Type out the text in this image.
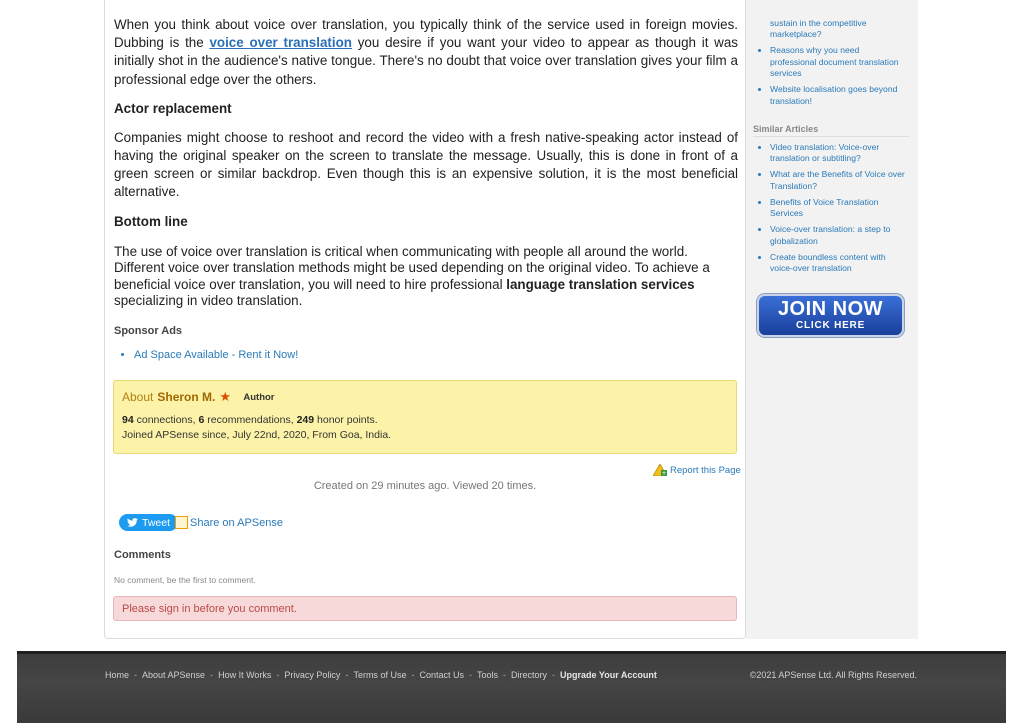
When you think about voice over translation, you typically think of the service used in foreign movies. Dubbing is the voice over translation you desire if you want your video to appear as though it was initially shot in the audience's native tongue. There's no doubt that voice over translation gives your film a professional edge over the others.

Actor replacement

Companies might choose to reshoot and record the video with a fresh native-speaking actor instead of having the original speaker on the screen to translate the message. Usually, this is done in front of a green screen or similar backdrop. Even though this is an expensive solution, it is the most beneficial alternative.

Bottom line

The use of voice over translation is critical when communicating with people all around the world. Different voice over translation methods might be used depending on the original video. To achieve a beneficial voice over translation, you will need to hire professional language translation services specializing in video translation.

Sponsor Ads
• Ad Space Available - Rent it Now!
About Sheron M. ★ Author
94 connections, 6 recommendations, 249 honor points.
Joined APSense since, July 22nd, 2020, From Goa, India.
+ Report this Page
Created on 29 minutes ago. Viewed 20 times.
Tweet Share on APSense
Comments
No comment, be the first to comment.
Please sign in before you comment.
sustain in the competitive marketplace?
• Reasons why you need professional document translation services
• Website localisation goes beyond translation!
Similar Articles
• Video translation: Voice-over translation or subtitling?
• What are the Benefits of Voice over Translation?
• Benefits of Voice Translation Services
• Voice-over translation: a step to globalization
• Create boundless content with voice-over translation
JOIN NOW
CLICK HERE
Home - About APSense - How It Works - Privacy Policy - Terms of Use - Contact Us - Tools - Directory - Upgrade Your Account	©2021 APSense Ltd. All Rights Reserved.
